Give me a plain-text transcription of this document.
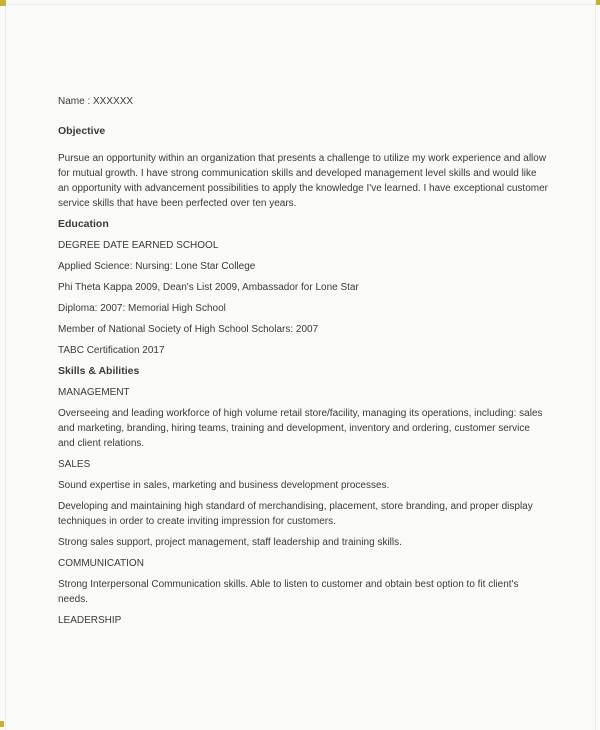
Name : XXXXXX

Objective

Pursue an opportunity within an organization that presents a challenge to utilize my work experience and allow for mutual growth. I have strong communication skills and developed management level skills and would like an opportunity with advancement possibilities to apply the knowledge I've learned. I have exceptional customer service skills that have been perfected over ten years.

Education

DEGREE DATE EARNED SCHOOL

Applied Science: Nursing: Lone Star College

Phi Theta Kappa 2009, Dean's List 2009, Ambassador for Lone Star

Diploma: 2007: Memorial High School

Member of National Society of High School Scholars: 2007

TABC Certification 2017

Skills & Abilities

MANAGEMENT

Overseeing and leading workforce of high volume retail store/facility, managing its operations, including: sales and marketing, branding, hiring teams, training and development, inventory and ordering, customer service and client relations.

SALES

Sound expertise in sales, marketing and business development processes.

Developing and maintaining high standard of merchandising, placement, store branding, and proper display techniques in order to create inviting impression for customers.

Strong sales support, project management, staff leadership and training skills.

COMMUNICATION

Strong Interpersonal Communication skills. Able to listen to customer and obtain best option to fit client's needs.

LEADERSHIP
